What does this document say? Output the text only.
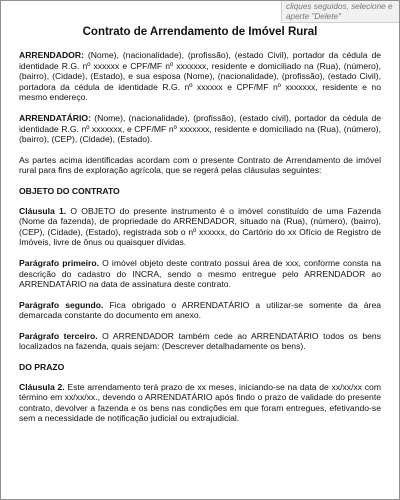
cliques seguidos, selecione e
aperte "Delete"
Contrato de Arrendamento de Imóvel Rural

ARRENDADOR: (Nome), (nacionalidade), (profissão), (estado Civil), portador da cédula de identidade R.G. nº xxxxxx e CPF/MF nº xxxxxxx, residente e domiciliado na (Rua), (número), (bairro), (Cidade), (Estado), e sua esposa (Nome), (nacionalidade), (profissão), (estado Civil), portadora da cédula de identidade R.G. nº xxxxxx e CPF/MF nº xxxxxxx, residente e no mesmo endereço.

ARRENDATÁRIO: (Nome), (nacionalidade), (profissão), (estado civil), portador da cédula de identidade R.G. nº xxxxxxx, e CPF/MF nº xxxxxxx, residente e domiciliado na (Rua), (número), (bairro), (CEP), (Cidade), (Estado).

As partes acima identificadas acordam com o presente Contrato de Arrendamento de imóvel rural para fins de exploração agrícola, que se regerá pelas cláusulas seguintes:

OBJETO DO CONTRATO

Cláusula 1. O OBJETO do presente instrumento é o imóvel constituído de uma Fazenda (Nome da fazenda), de propriedade do ARRENDADOR, situado na (Rua), (número), (bairro), (CEP), (Cidade), (Estado), registrada sob o nº xxxxxx, do Cartório do xx Ofício de Registro de Imóveis, livre de ônus ou quaisquer dívidas.

Parágrafo primeiro. O imóvel objeto deste contrato possui área de xxx, conforme consta na descrição do cadastro do INCRA, sendo o mesmo entregue pelo ARRENDADOR ao ARRENDATÁRIO na data de assinatura deste contrato.

Parágrafo segundo. Fica obrigado o ARRENDATÁRIO a utilizar-se somente da área demarcada constante do documento em anexo.

Parágrafo terceiro. O ARRENDADOR também cede ao ARRENDATÁRIO todos os bens localizados na fazenda, quais sejam: (Descrever detalhadamente os bens).

DO PRAZO

Cláusula 2. Este arrendamento terá prazo de xx meses, iniciando-se na data de xx/xx/xx com término em xx/xx/xx., devendo o ARRENDATÁRIO após findo o prazo de validade do presente contrato, devolver a fazenda e os bens nas condições em que foram entregues, efetivando-se sem a necessidade de notificação judicial ou extrajudicial.
